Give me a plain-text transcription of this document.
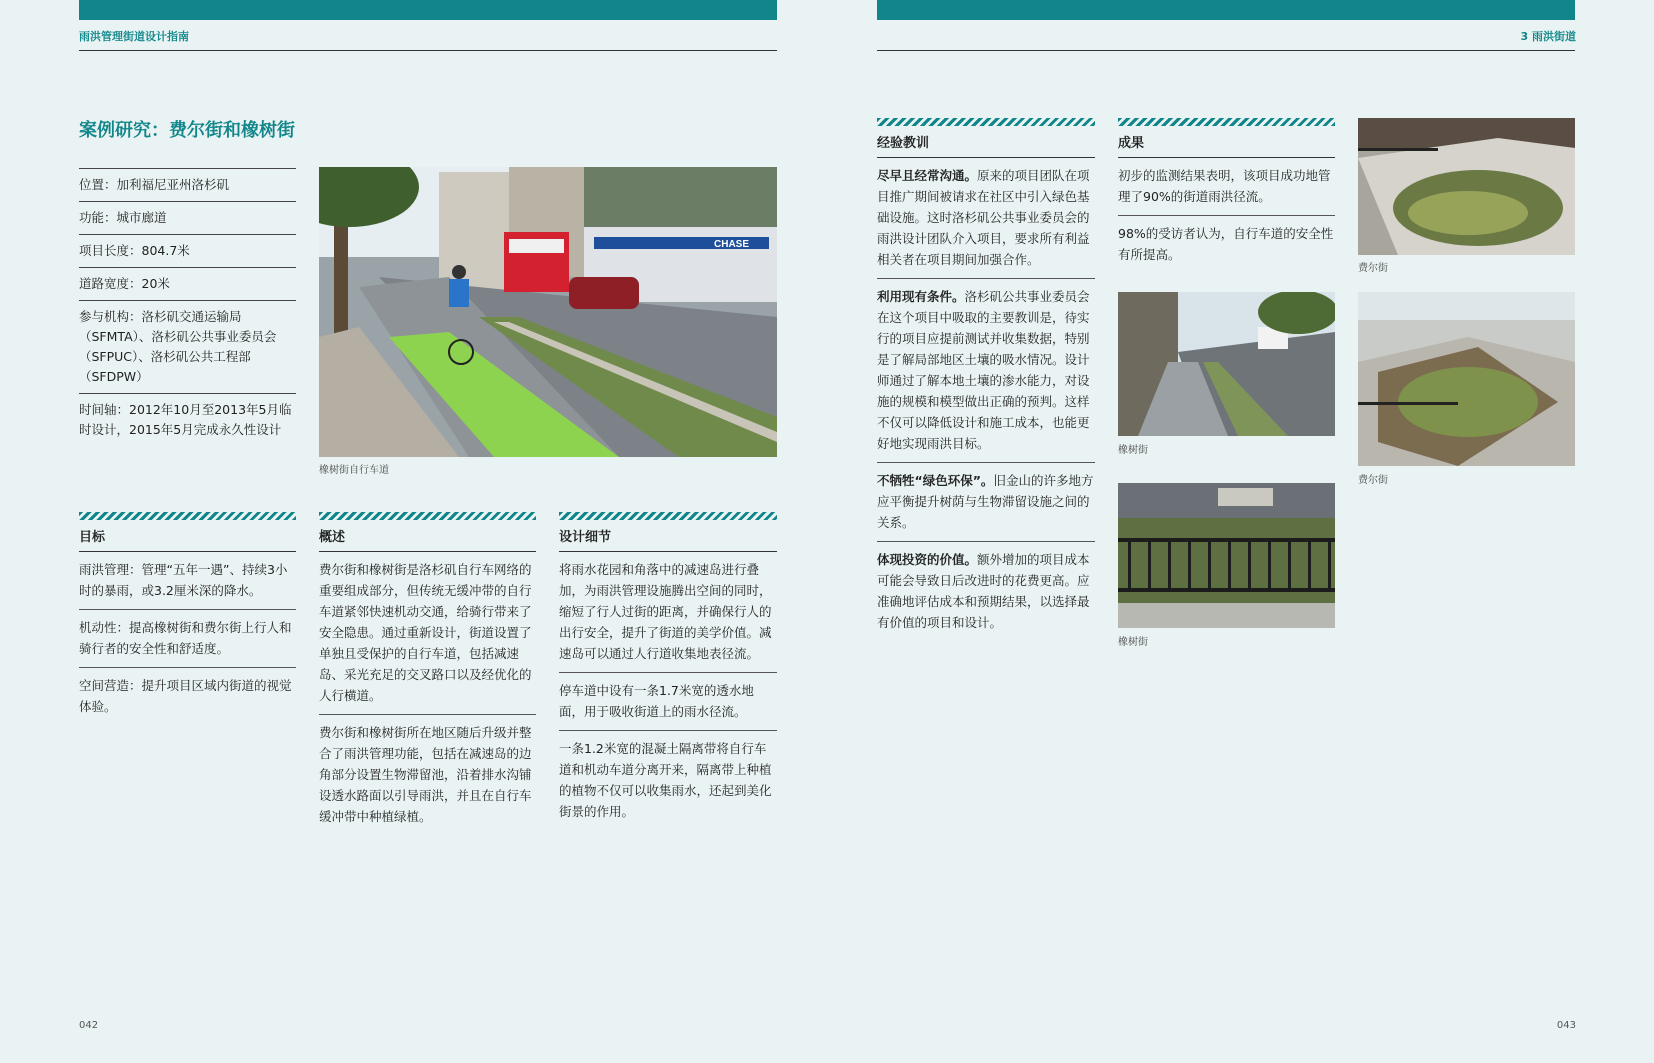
雨洪管理街道设计指南	3 雨洪街道
案例研究：费尔街和橡树街
位置：加利福尼亚州洛杉矶
功能：城市廊道
项目长度：804.7米
道路宽度：20米
参与机构：洛杉矶交通运输局（SFMTA）、洛杉矶公共事业委员会（SFPUC）、洛杉矶公共工程部（SFDPW）
时间轴：2012年10月至2013年5月临时设计，2015年5月完成永久性设计
CHASE
橡树街自行车道
目标
雨洪管理：管理“五年一遇”、持续3小时的暴雨，或3.2厘米深的降水。
机动性：提高橡树街和费尔街上行人和骑行者的安全性和舒适度。
空间营造：提升项目区域内街道的视觉体验。
概述
费尔街和橡树街是洛杉矶自行车网络的重要组成部分，但传统无缓冲带的自行车道紧邻快速机动交通，给骑行带来了安全隐患。通过重新设计，街道设置了单独且受保护的自行车道，包括减速岛、采光充足的交叉路口以及经优化的人行横道。
费尔街和橡树街所在地区随后升级并整合了雨洪管理功能，包括在减速岛的边角部分设置生物滞留池，沿着排水沟铺设透水路面以引导雨洪，并且在自行车缓冲带中种植绿植。
设计细节
将雨水花园和角落中的减速岛进行叠加，为雨洪管理设施腾出空间的同时，缩短了行人过街的距离，并确保行人的出行安全，提升了街道的美学价值。减速岛可以通过人行道收集地表径流。
停车道中设有一条1.7米宽的透水地面，用于吸收街道上的雨水径流。
一条1.2米宽的混凝土隔离带将自行车道和机动车道分离开来，隔离带上种植的植物不仅可以收集雨水，还起到美化街景的作用。
经验教训
尽早且经常沟通。原来的项目团队在项目推广期间被请求在社区中引入绿色基础设施。这时洛杉矶公共事业委员会的雨洪设计团队介入项目，要求所有利益相关者在项目期间加强合作。
利用现有条件。洛杉矶公共事业委员会在这个项目中吸取的主要教训是，待实行的项目应提前测试并收集数据，特别是了解局部地区土壤的吸水情况。设计师通过了解本地土壤的渗水能力，对设施的规模和模型做出正确的预判。这样不仅可以降低设计和施工成本，也能更好地实现雨洪目标。
不牺牲“绿色环保”。旧金山的许多地方应平衡提升树荫与生物滞留设施之间的关系。
体现投资的价值。额外增加的项目成本可能会导致日后改进时的花费更高。应准确地评估成本和预期结果，以选择最有价值的项目和设计。
成果
初步的监测结果表明，该项目成功地管理了90%的街道雨洪径流。
98%的受访者认为，自行车道的安全性有所提高。
费尔街
橡树街
费尔街
橡树街
042	043
